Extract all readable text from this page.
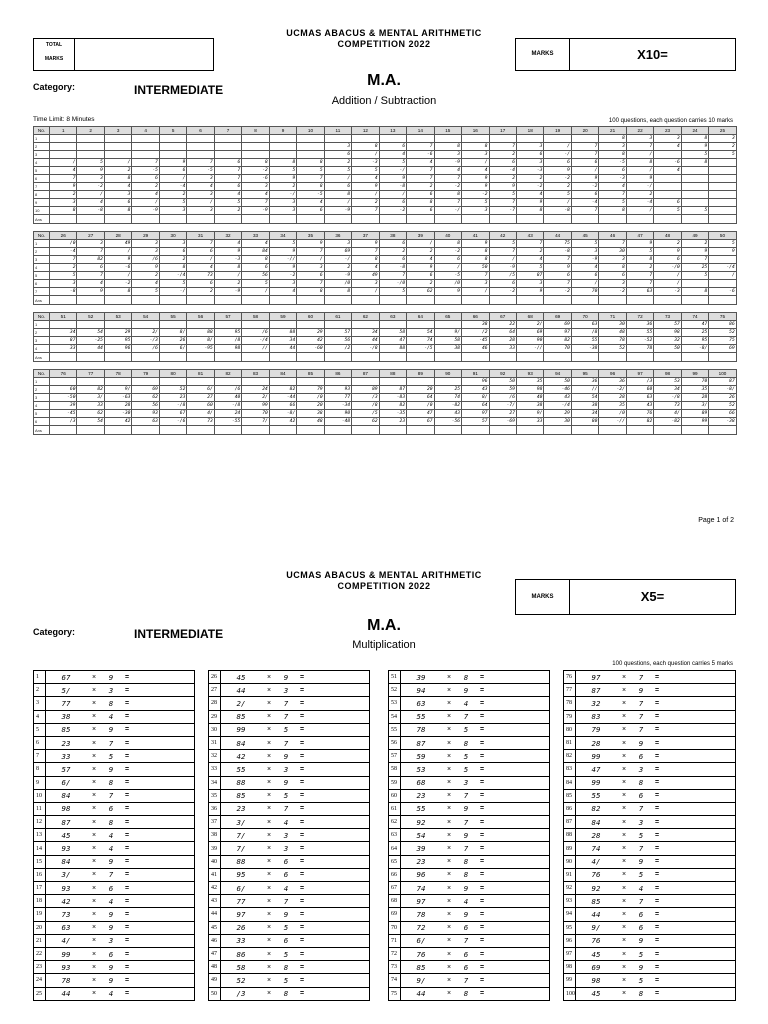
UCMAS ABACUS & MENTAL ARITHMETIC
COMPETITION 2022
TOTAL
MARKS
MARKS	X10=
Category:	INTERMEDIATE
M.A.
Addition / Subtraction
Time Limit: 8 Minutes	100 questions, each question carries 10 marks
No.	1	2	3	4	5	6	7	8	9	10	11	12	13	14	15	16	17	18	19	20	21	22	23	24	25
1																					8	3	3	8	3
2											3	8	6	7	8	8	7	3	/	7	3	7	4	9	2
3											6	/	4	-6	3	3	2	6	-/	7	8	/		5	5
4	/	5	/	7	9	7	6	8	8	8	2	-3	5	4	-9	/	6	3	6	6	-5	8	-6	8	
5	4	9	2	-5	6	-5	7	-2	5	5	5	5	-/	7	4	4	-4	-3	9	/	6	/	4		
6	7	3	8	6	/	3	7	-6	9	7	/	4	9	7	7	9	2	2	-2	9	-3	9			
7	9	-2	4	2	-4	4	6	3	2	8	6	9	-8	2	-2	9	9	-2	2	-2	4	-/			
8	2	/	3	4	2	3	4	4	-/	-5	8	/	/	6	8	-2	5	4	5	6	7	2			
9	3	4	6	/	5	/	5	7	3	4	/	2	6	8	7	5	7	9	/	-4	5	-4	6		
10	8	-8	8	-9	3	3	2	-9	3	6	-9	7	-2	6	-/	3	-7	8	-8	7	8	/	5	5	
Ans																									
No.	26	27	28	29	30	31	32	33	34	35	36	37	38	39	40	41	42	43	44	45	46	47	48	49	50
1	/0	3	49	3	3	7	4	4	5	9	3	9	6	/	8	9	5	7	75	5	7	9	2	2	5
2	-4	7	/	3	6	6	9	84	9	7	69	7	2	2	-2	8	7	2	-8	3	30	5	9	9	9
3	7	82	9	/6	2	/	-3	8	-//	/	-/	8	6	4	6	8	/	4	7	-9	3	8	6	7	
4	2	6	-6	9	8	4	8	6	9	3	2	4	-8	9	/	50	-9	5	9	4	8	2	-/0	25	-/4
5	5	7	/	2	-/4	73	/	56	-2	6	-9	49	7	6	-5	7	/5	87	6	6	6	7	/	5	/
6	3	4	-2	4	5	6	2	5	3	7	/0	3	-/0	2	/0	3	6	3	7	/	3	7	/		
7	-8	9	8	5	-/	2	-9	/	4	8	8	/	5	62	9	/	-2	9	-2	70	-2	63	-3	8	-6
Ans																									
No.	51	52	53	54	55	56	57	58	59	60	61	62	63	64	65	66	67	68	69	70	71	72	73	74	75
1																38	22	2/	69	63	30	36	57	47	86
2	34	54	29	2/	8/	88	95	/6	88	29	57	34	58	54	9/	/2	64	69	97	/8	48	55	98	25	52
3	87	-25	95	-/3	26	8/	/8	-/4	34	42	56	44	47	74	58	-45	28	90	82	55	78	-52	32	95	75
4	33	44	96	/6	6/	-95	98	//	44	-60	/2	-/8	88	-/5	38	46	33	-//	70	-38	52	78	50	-8/	69
Ans																									
No.	76	77	78	79	80	81	82	83	84	85	86	87	88	89	90	91	92	93	94	95	96	97	98	99	100
1																96	50	35	50	36	36	/3	53	70	87
2	60	82	9/	69	52	6/	/6	24	82	79	93	89	87	20	25	43	59	98	-46	//	-2/	60	34	35	-8/
3	-50	3/	-63	62	23	27	40	2/	-44	/0	77	/3	-83	64	74	8/	/6	40	43	54	28	63	-/8	28	26
4	39	33	28	56	-/8	60	-/8	99	66	20	-34	/8	82	/0	-82	64	-7/	38	-/4	38	35	43	73	3/	52
5	-45	62	-30	93	67	4/	24	70	-8/	38	90	/5	-35	47	43	97	27	9/	29	34	/0	76	4/	89	66
6	/3	54	42	63	-/6	73	-55	7/	42	48	-48	62	23	67	-56	57	-69	33	30	80	-//	82	-82	99	-38
Ans																									
Page 1 of 2
UCMAS ABACUS & MENTAL ARITHMETIC
COMPETITION 2022
MARKS	X5=
Category:	INTERMEDIATE	M.A.
Multiplication
100 questions, each question carries 5 marks
1	67 × 9 =

2	5/ × 3 =

3	77 × 8 =

4	38 × 4 =

5	85 × 9 =

6	23 × 7 =

7	33 × 5 =

8	57 × 9 =

9	6/ × 8 =

10	84 × 7 =

11	98 × 6 =

12	87 × 8 =

13	45 × 4 =

14	93 × 4 =

15	84 × 9 =

16	3/ × 7 =

17	93 × 6 =

18	42 × 4 =

19	73 × 9 =

20	63 × 9 =

21	4/ × 3 =

22	99 × 6 =

23	93 × 9 =

24	78 × 9 =

25	44 × 4 =
26	45 × 9 =

27	44 × 3 =

28	2/ × 7 =

29	85 × 7 =

30	99 × 5 =

31	84 × 7 =

32	42 × 9 =

33	55 × 3 =

34	88 × 9 =

35	85 × 5 =

36	23 × 7 =

37	3/ × 4 =

38	7/ × 3 =

39	7/ × 3 =

40	88 × 6 =

41	95 × 6 =

42	6/ × 4 =

43	77 × 7 =

44	97 × 9 =

45	26 × 5 =

46	33 × 6 =

47	86 × 5 =

48	58 × 8 =

49	52 × 5 =

50	/3 × 8 =
51	39 × 8 =

52	94 × 9 =

53	63 × 4 =

54	55 × 7 =

55	78 × 5 =

56	87 × 8 =

57	59 × 5 =

58	53 × 5 =

59	68 × 3 =

60	23 × 7 =

61	55 × 9 =

62	92 × 7 =

63	54 × 9 =

64	39 × 7 =

65	23 × 8 =

66	96 × 8 =

67	74 × 9 =

68	97 × 4 =

69	78 × 9 =

70	72 × 6 =

71	6/ × 7 =

72	76 × 6 =

73	85 × 6 =

74	9/ × 7 =

75	44 × 8 =
76	97 × 7 =

77	87 × 9 =

78	32 × 7 =

79	83 × 7 =

80	79 × 7 =

81	28 × 9 =

82	99 × 6 =

83	47 × 3 =

84	99 × 8 =

85	55 × 6 =

86	82 × 7 =

87	84 × 3 =

88	28 × 5 =

89	74 × 7 =

90	4/ × 9 =

91	76 × 5 =

92	92 × 4 =

93	85 × 7 =

94	44 × 6 =

95	9/ × 6 =

96	76 × 9 =

97	45 × 5 =

98	69 × 9 =

99	98 × 5 =

100	45 × 8 =
